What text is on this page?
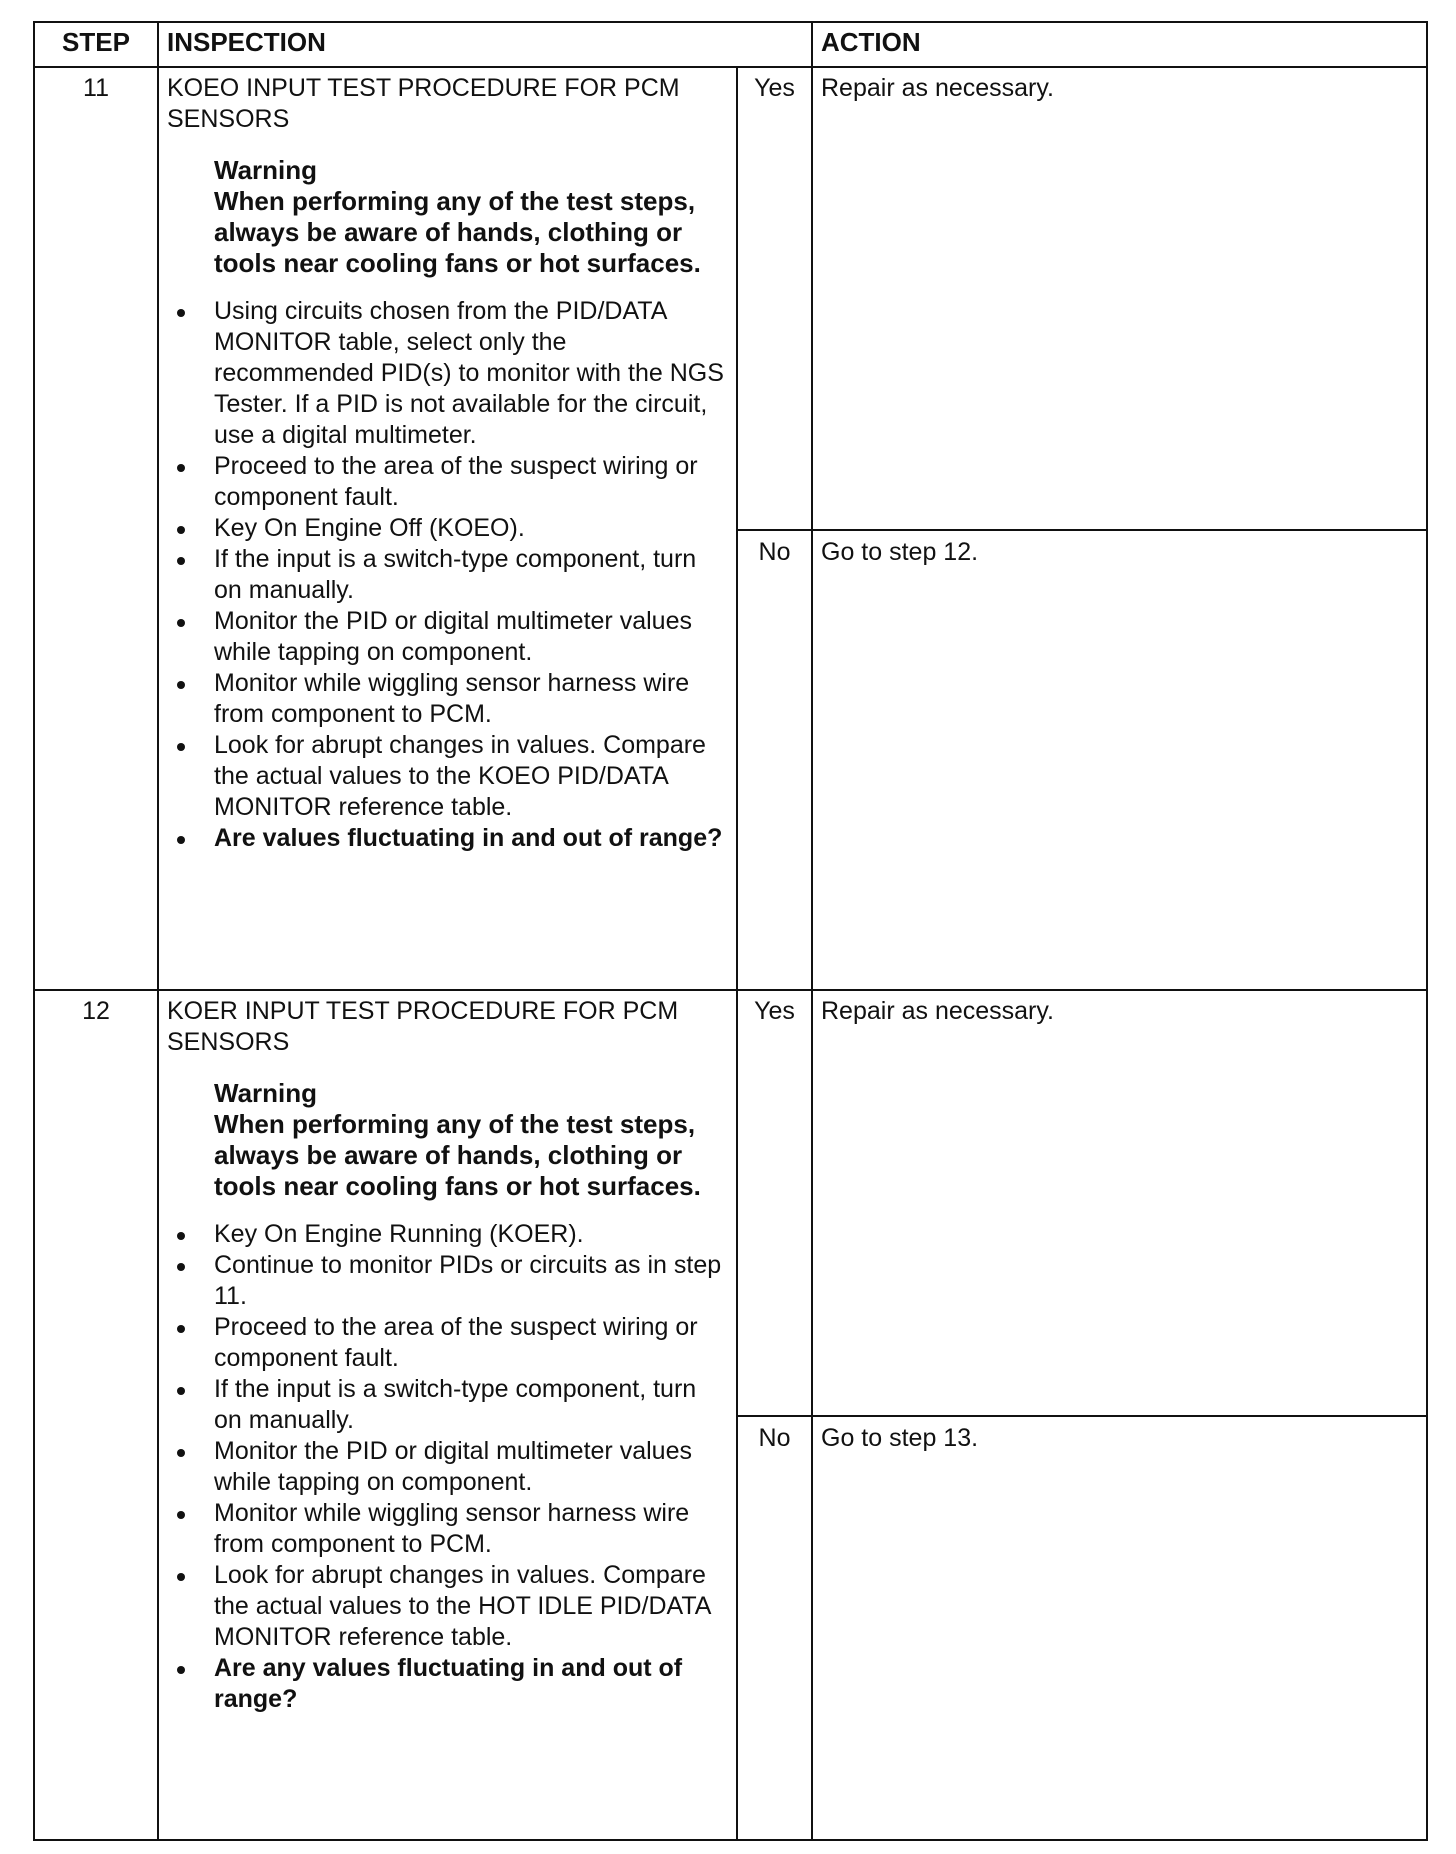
STEP	INSPECTION	ACTION
11	KOEO INPUT TEST PROCEDURE FOR PCM SENSORS
Warning
When performing any of the test steps, always be aware of hands, clothing or tools near cooling fans or hot surfaces.
Using circuits chosen from the PID/DATA MONITOR table, select only the recommended PID(s) to monitor with the NGS Tester. If a PID is not available for the circuit, use a digital multimeter.
Proceed to the area of the suspect wiring or component fault.
Key On Engine Off (KOEO).
If the input is a switch-type component, turn on manually.
Monitor the PID or digital multimeter values while tapping on component.
Monitor while wiggling sensor harness wire from component to PCM.
Look for abrupt changes in values. Compare the actual values to the KOEO PID/DATA MONITOR reference table.
Are values fluctuating in and out of range?
Yes	Repair as necessary.
No	Go to step 12.
12	KOER INPUT TEST PROCEDURE FOR PCM SENSORS
Warning
When performing any of the test steps, always be aware of hands, clothing or tools near cooling fans or hot surfaces.
Key On Engine Running (KOER).
Continue to monitor PIDs or circuits as in step 11.
Proceed to the area of the suspect wiring or component fault.
If the input is a switch-type component, turn on manually.
Monitor the PID or digital multimeter values while tapping on component.
Monitor while wiggling sensor harness wire from component to PCM.
Look for abrupt changes in values. Compare the actual values to the HOT IDLE PID/DATA MONITOR reference table.
Are any values fluctuating in and out of range?
Yes	Repair as necessary.
No	Go to step 13.
